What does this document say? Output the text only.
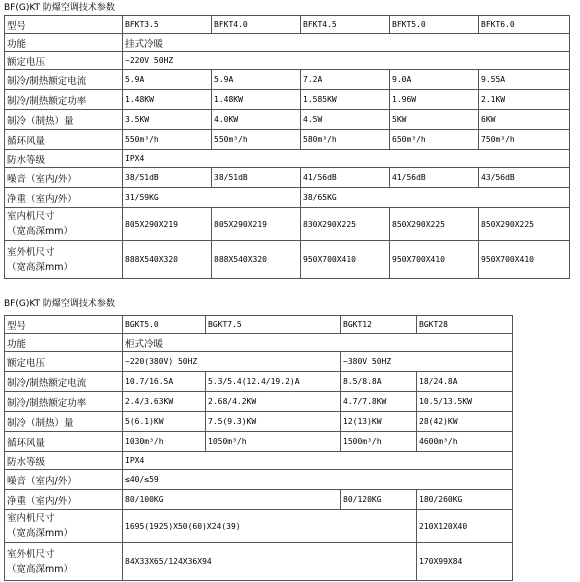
BF(G)KT 防爆空调技术参数
型号	BFKT3.5	BFKT4.0	BFKT4.5	BFKT5.0	BFKT6.0
功能	挂式冷暖				
额定电压	~220V 50HZ				
制冷/制热额定电流	5.9A	5.9A	7.2A	9.0A	9.55A
制冷/制热额定功率	1.48KW	1.48KW	1.585KW	1.96W	2.1KW
制冷（制热）量	3.5KW	4.0KW	4.5W	5KW	6KW
循环风量	550m³/h	550m³/h	580m³/h	650m³/h	750m³/h
防水等级	IPX4				
噪音（室内/外）	38/51dB	38/51dB	41/56dB	41/56dB	43/56dB
净重（室内/外）	31/59KG		38/65KG		
室内机尺寸
（宽高深mm）	805X290X219	805X290X219	830X290X225	850X290X225	850X290X225
室外机尺寸
（宽高深mm）	888X540X320	888X540X320	950X700X410	950X700X410	950X700X410
BF(G)KT 防爆空调技术参数
型号	BGKT5.0	BGKT7.5	BGKT12	BGKT28
功能	柜式冷暖			
额定电压	~220(380V) 50HZ		~380V 50HZ	
制冷/制热额定电流	10.7/16.5A	5.3/5.4(12.4/19.2)A	8.5/8.8A	18/24.8A
制冷/制热额定功率	2.4/3.63KW	2.68/4.2KW	4.7/7.8KW	10.5/13.5KW
制冷（制热）量	5(6.1)KW	7.5(9.3)KW	12(13)KW	28(42)KW
循环风量	1030m³/h	1050m³/h	1500m³/h	4600m³/h
防水等级	IPX4			
噪音（室内/外）	≤40/≤59			
净重（室内/外）	80/100KG		80/120KG	180/260KG
室内机尺寸
（宽高深mm）	1695(1925)X50(60)X24(39)			210X120X40
室外机尺寸
（宽高深mm）	84X33X65/124X36X94			170X99X84
